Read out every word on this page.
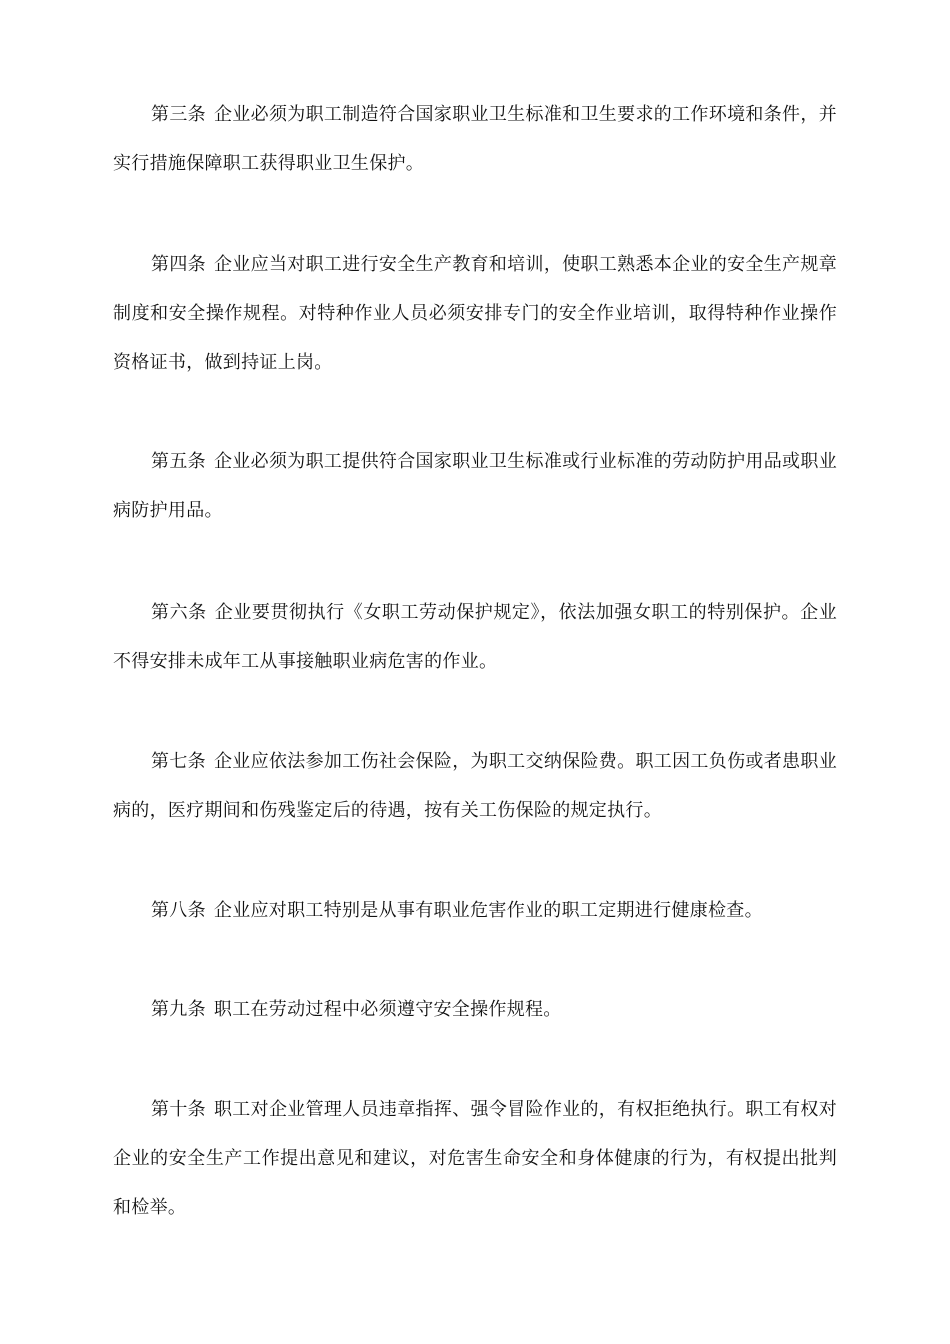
第三条 企业必须为职工制造符合国家职业卫生标准和卫生要求的工作环境和条件，并实行措施保障职工获得职业卫生保护。

第四条 企业应当对职工进行安全生产教育和培训，使职工熟悉本企业的安全生产规章制度和安全操作规程。对特种作业人员必须安排专门的安全作业培训，取得特种作业操作资格证书，做到持证上岗。

第五条 企业必须为职工提供符合国家职业卫生标准或行业标准的劳动防护用品或职业病防护用品。

第六条 企业要贯彻执行《女职工劳动保护规定》，依法加强女职工的特别保护。企业不得安排未成年工从事接触职业病危害的作业。

第七条 企业应依法参加工伤社会保险，为职工交纳保险费。职工因工负伤或者患职业病的，医疗期间和伤残鉴定后的待遇，按有关工伤保险的规定执行。

第八条 企业应对职工特别是从事有职业危害作业的职工定期进行健康检查。

第九条 职工在劳动过程中必须遵守安全操作规程。

第十条 职工对企业管理人员违章指挥、强令冒险作业的，有权拒绝执行。职工有权对企业的安全生产工作提出意见和建议，对危害生命安全和身体健康的行为，有权提出批判和检举。
